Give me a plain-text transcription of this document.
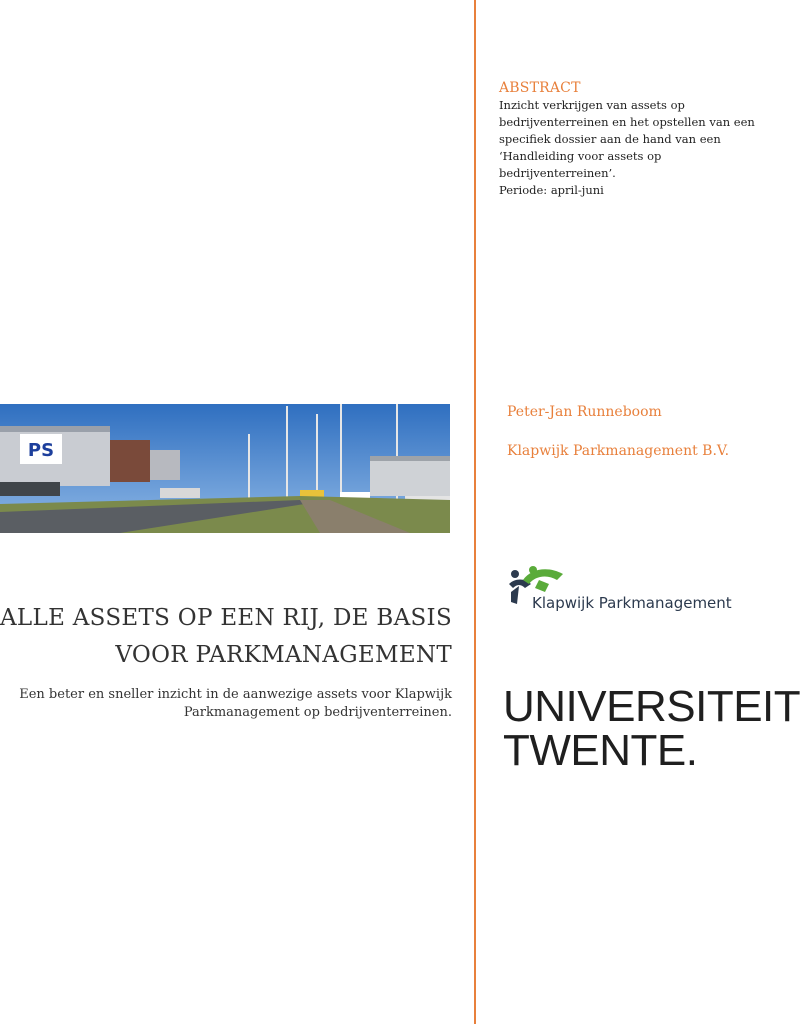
ABSTRACT
Inzicht verkrijgen van assets op
bedrijventerreinen en het opstellen van een
specifiek dossier aan de hand van een
‘Handleiding voor assets op
bedrijventerreinen’.
Periode: april-juni
Peter-Jan Runneboom
Klapwijk Parkmanagement B.V.
PS
ALLE ASSETS OP EEN RIJ, DE BASIS
VOOR PARKMANAGEMENT
Een beter en sneller inzicht in de aanwezige assets voor Klapwijk
Parkmanagement op bedrijventerreinen.
Klapwijk Parkmanagement
UNIVERSITEIT
TWENTE.
